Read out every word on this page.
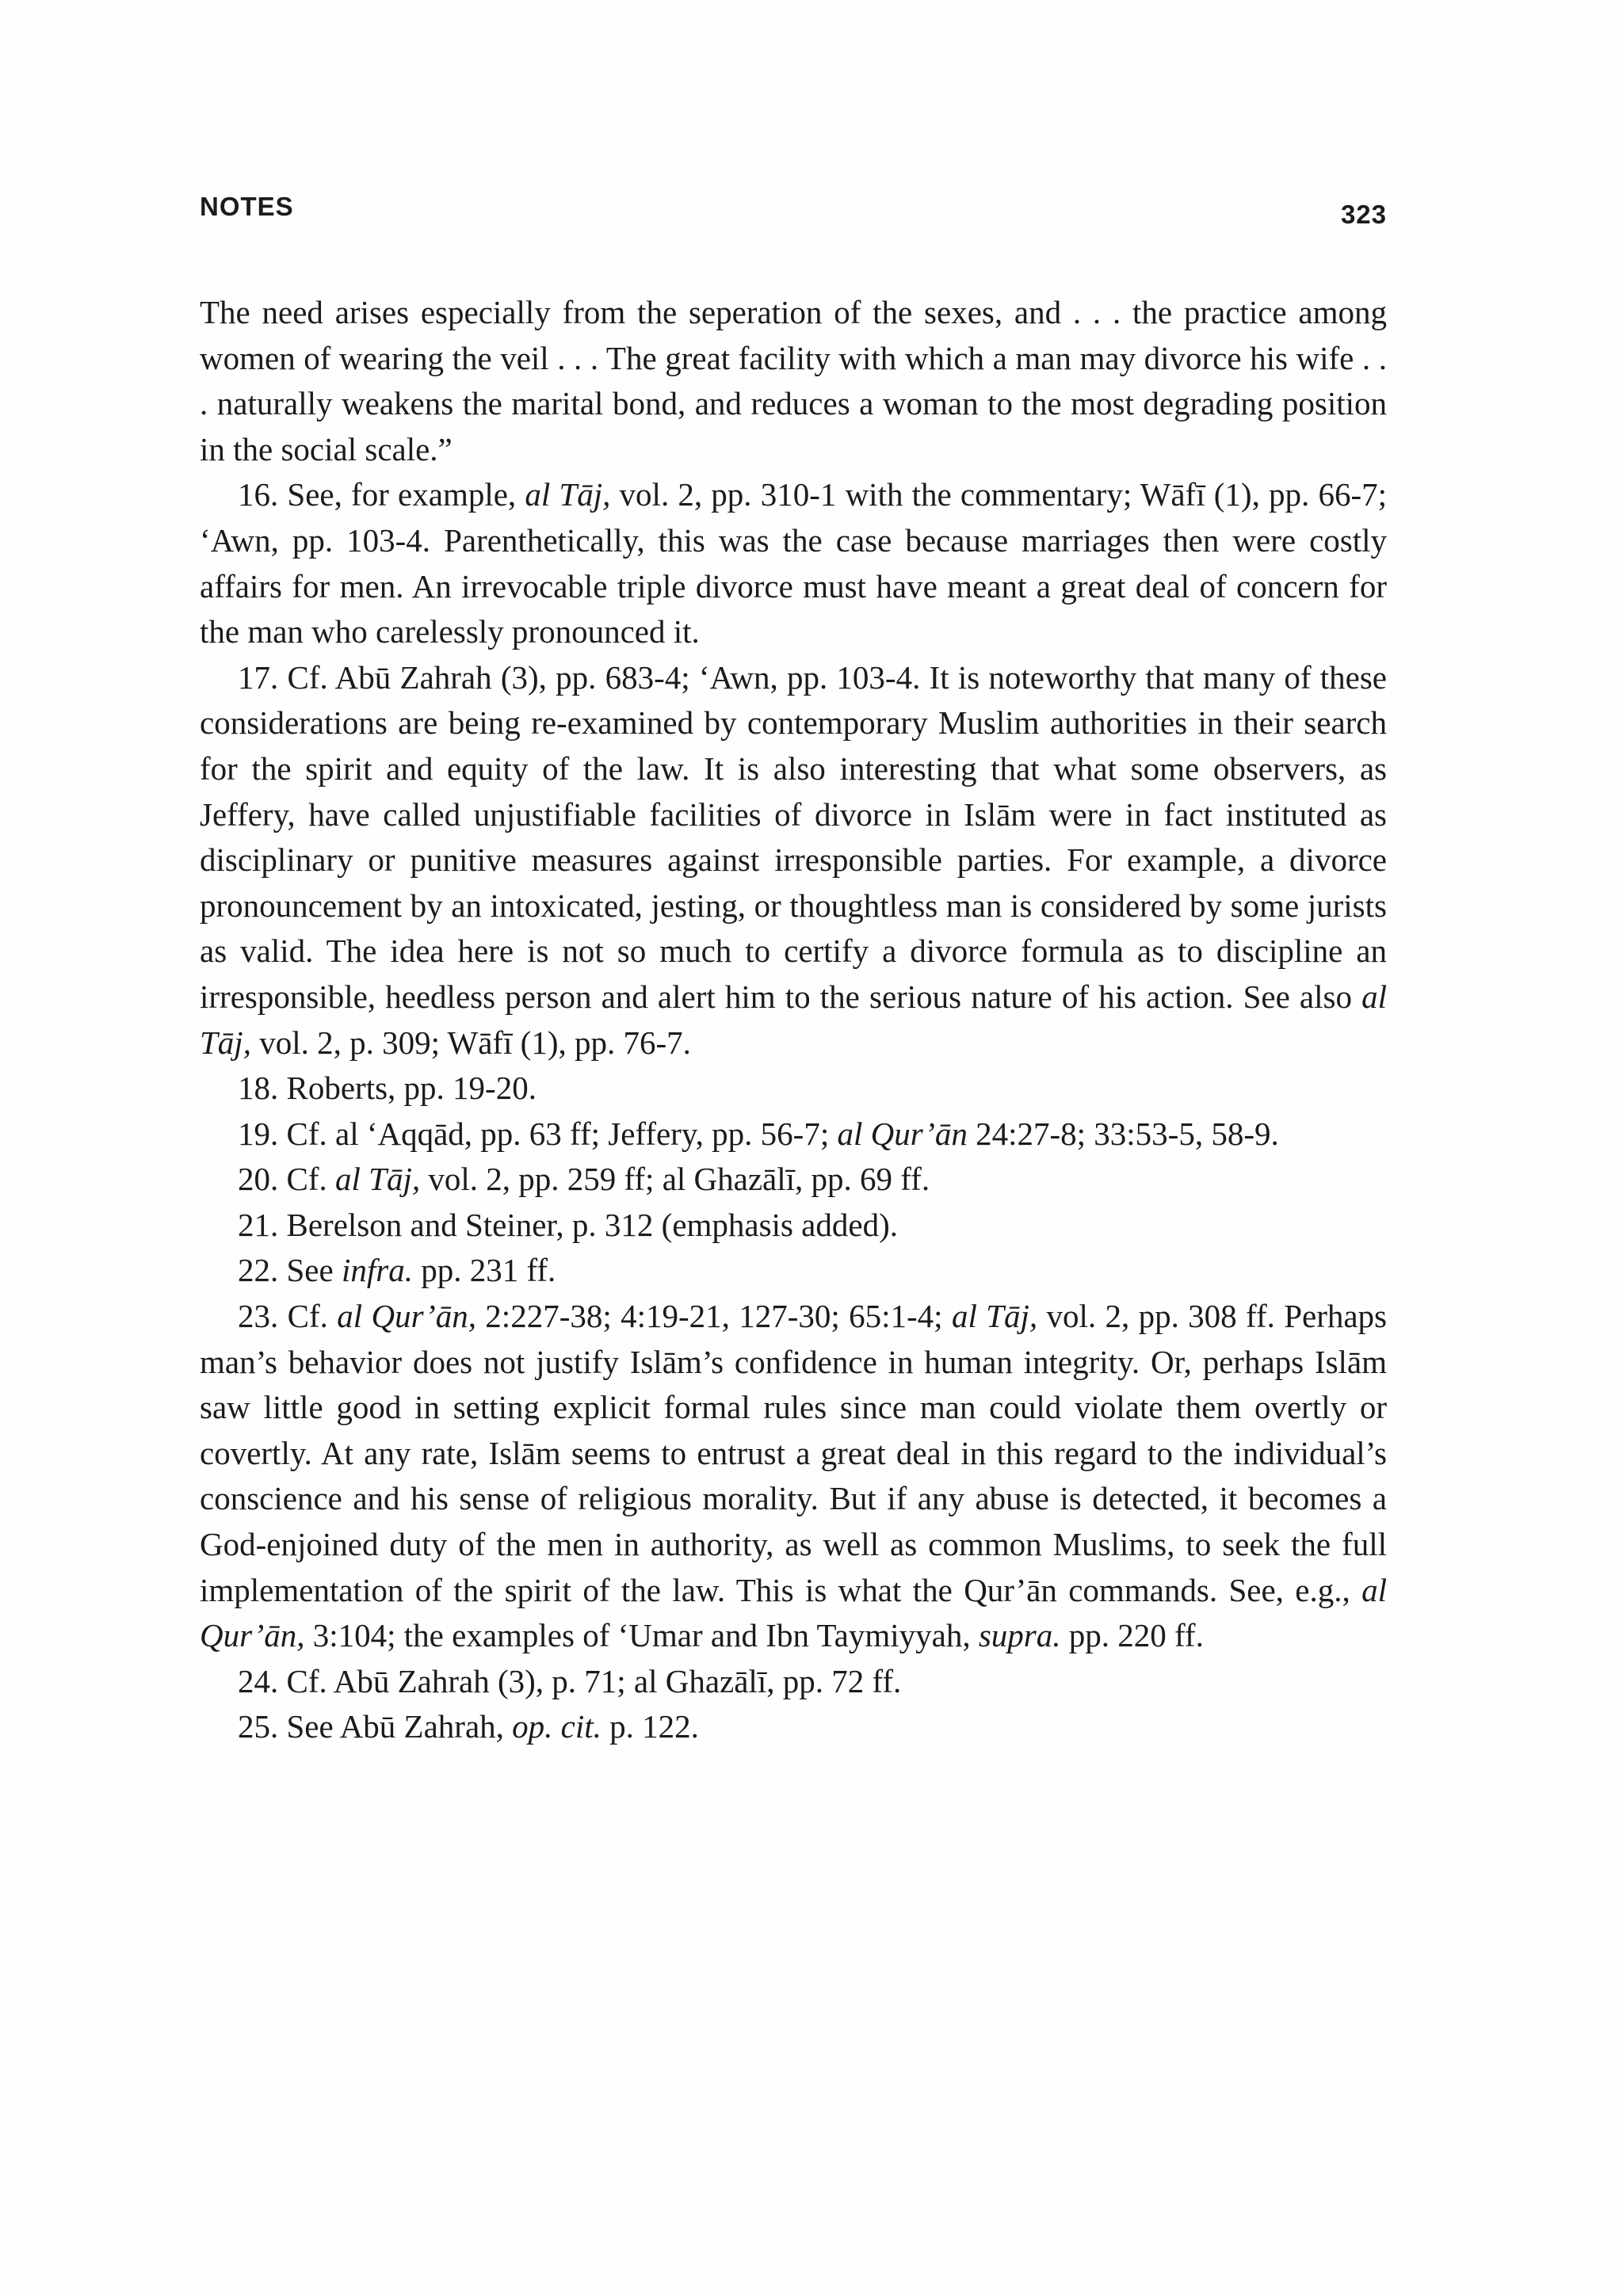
NOTES	323

The need arises especially from the seperation of the sexes, and . . . the practice among women of wearing the veil . . . The great facility with which a man may divorce his wife . . . naturally weakens the marital bond, and reduces a woman to the most degrading position in the social scale.”

16. See, for example, al Tāj, vol. 2, pp. 310-1 with the commentary; Wāfī (1), pp. 66-7; ‘Awn, pp. 103-4. Parenthetically, this was the case because marriages then were costly affairs for men. An irrevocable triple divorce must have meant a great deal of concern for the man who carelessly pronounced it.

17. Cf. Abū Zahrah (3), pp. 683-4; ‘Awn, pp. 103-4. It is noteworthy that many of these considerations are being re-examined by contemporary Muslim authorities in their search for the spirit and equity of the law. It is also interesting that what some observers, as Jeffery, have called unjustifiable facilities of divorce in Islām were in fact instituted as disciplinary or punitive measures against irresponsible parties. For example, a divorce pronouncement by an intoxicated, jesting, or thoughtless man is considered by some jurists as valid. The idea here is not so much to certify a divorce formula as to discipline an irresponsible, heedless person and alert him to the serious nature of his action. See also al Tāj, vol. 2, p. 309; Wāfī (1), pp. 76-7.

18. Roberts, pp. 19-20.

19. Cf. al ‘Aqqād, pp. 63 ff; Jeffery, pp. 56-7; al Qur’ān 24:27-8; 33:53-5, 58-9.

20. Cf. al Tāj, vol. 2, pp. 259 ff; al Ghazālī, pp. 69 ff.

21. Berelson and Steiner, p. 312 (emphasis added).

22. See infra. pp. 231 ff.

23. Cf. al Qur’ān, 2:227-38; 4:19-21, 127-30; 65:1-4; al Tāj, vol. 2, pp. 308 ff. Perhaps man’s behavior does not justify Islām’s confidence in human integrity. Or, perhaps Islām saw little good in setting explicit formal rules since man could violate them overtly or covertly. At any rate, Islām seems to entrust a great deal in this regard to the individual’s conscience and his sense of religious morality. But if any abuse is detected, it becomes a God-enjoined duty of the men in authority, as well as common Muslims, to seek the full implementation of the spirit of the law. This is what the Qur’ān commands. See, e.g., al Qur’ān, 3:104; the examples of ‘Umar and Ibn Taymiyyah, supra. pp. 220 ff.

24. Cf. Abū Zahrah (3), p. 71; al Ghazālī, pp. 72 ff.

25. See Abū Zahrah, op. cit. p. 122.
